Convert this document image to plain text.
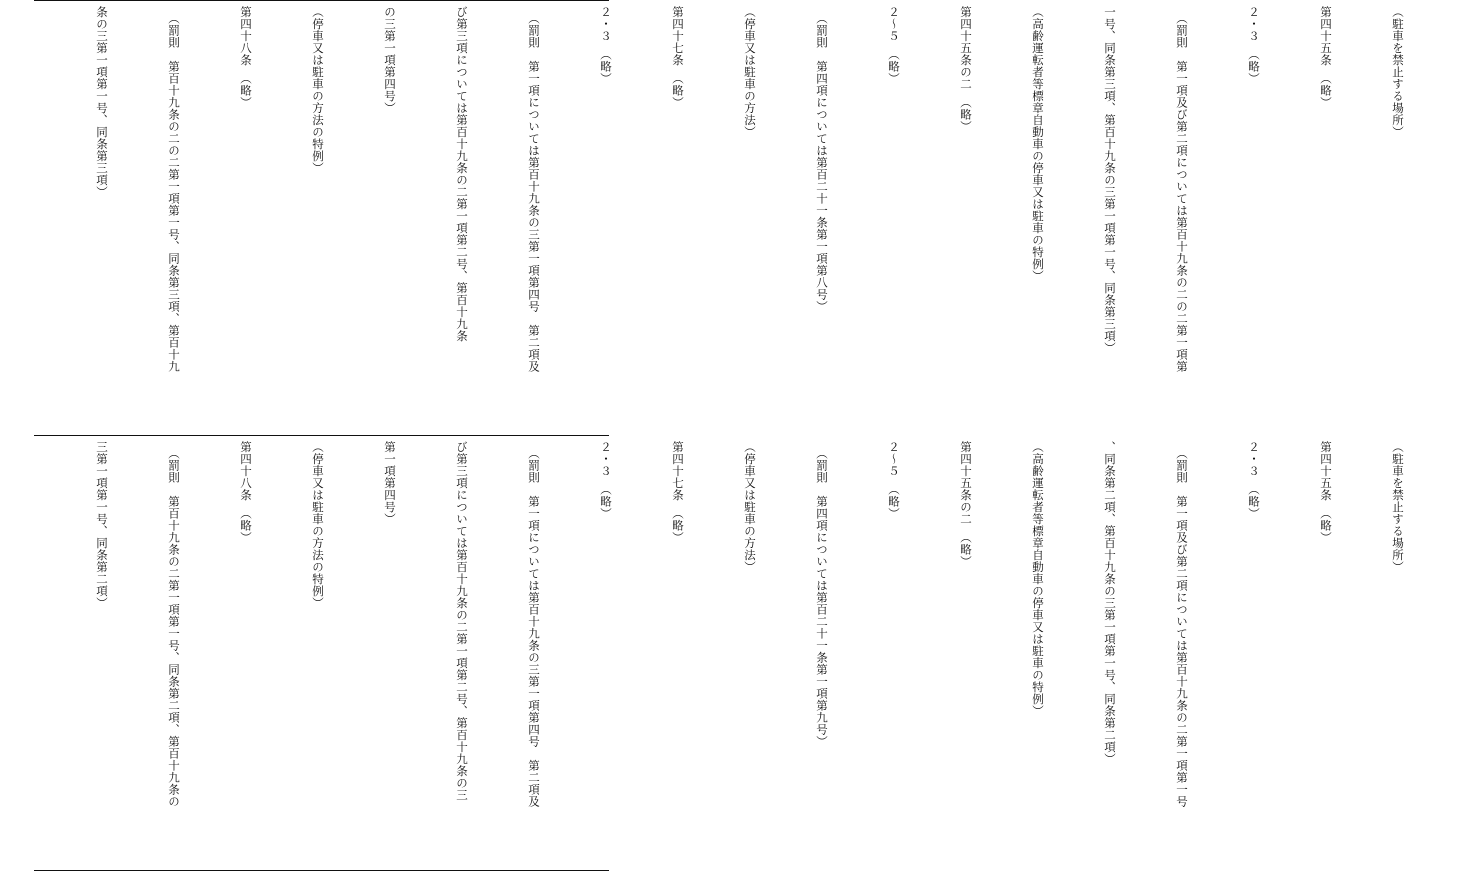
（駐車を禁止する場所）

第四十五条　（略）

２・３　（略）

　（罰則　第一項及び第二項については第百十九条の二の二第一項第

一号、同条第三項、第百十九条の三第一項第一号、同条第三項）

（高齢運転者等標章自動車の停車又は駐車の特例）

第四十五条の二　（略）

２～５　（略）

　（罰則　第四項については第百二十一条第一項第八号）

（停車又は駐車の方法）

第四十七条　（略）

２・３　（略）

　（罰則　第一項については第百十九条の三第一項第四号　第二項及

び第三項については第百十九条の二第一項第二号、第百十九条

の三第一項第四号）

（停車又は駐車の方法の特例）

第四十八条　（略）

　（罰則　第百十九条の二の二第一項第一号、同条第三項、第百十九

条の三第一項第一号、同条第三項）

（駐車を禁止する場所）

第四十五条　（略）

２・３　（略）

　（罰則　第一項及び第二項については第百十九条の二第一項第一号

、同条第二項、第百十九条の三第一項第一号、同条第二項）

（高齢運転者等標章自動車の停車又は駐車の特例）

第四十五条の二　（略）

２～５　（略）

　（罰則　第四項については第百二十一条第一項第九号）

（停車又は駐車の方法）

第四十七条　（略）

２・３　（略）

　（罰則　第一項については第百十九条の三第一項第四号　第二項及

び第三項については第百十九条の二第一項第二号、第百十九条の三

第一項第四号）

（停車又は駐車の方法の特例）

第四十八条　（略）

　（罰則　第百十九条の二第一項第一号、同条第二項、第百十九条の

三第一項第一号、同条第二項）
